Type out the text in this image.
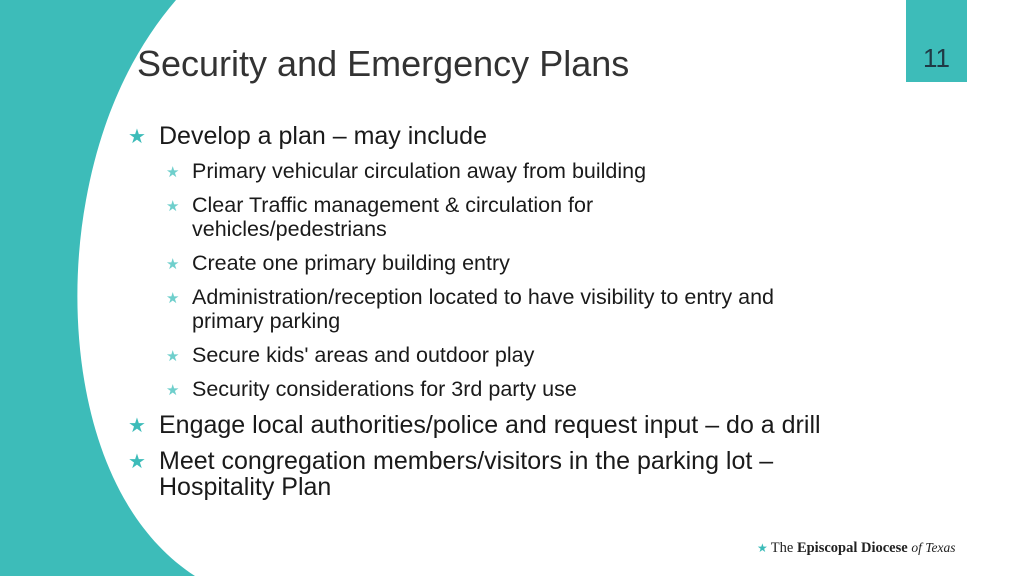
Security and Emergency Plans	11
★ Develop a plan – may include
★ Primary vehicular circulation away from building
★ Clear Traffic management & circulation for
vehicles/pedestrians
★ Create one primary building entry
★ Administration/reception located to have visibility to entry and
primary parking
★ Secure kids' areas and outdoor play
★ Security considerations for 3rd party use
★ Engage local authorities/police and request input – do a drill
★ Meet congregation members/visitors in the parking lot –
Hospitality Plan
★ The Episcopal Diocese of Texas
